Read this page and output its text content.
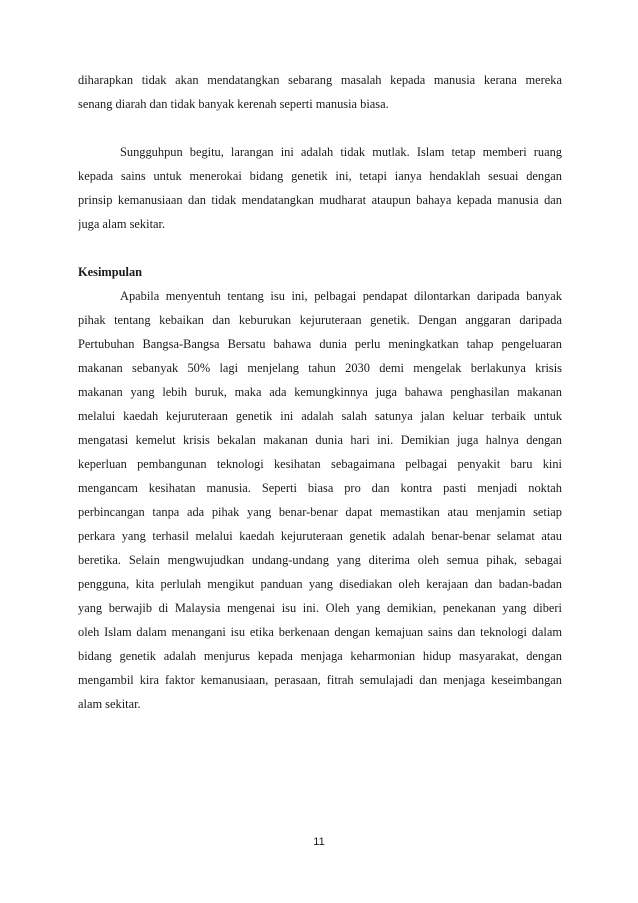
diharapkan tidak akan mendatangkan sebarang masalah kepada manusia kerana mereka
senang diarah dan tidak banyak kerenah seperti manusia biasa.
Sungguhpun begitu, larangan ini adalah tidak mutlak. Islam tetap memberi ruang
kepada sains untuk menerokai bidang genetik ini, tetapi ianya hendaklah sesuai dengan
prinsip kemanusiaan dan tidak mendatangkan mudharat ataupun bahaya kepada manusia dan
juga alam sekitar.
Kesimpulan
Apabila menyentuh tentang isu ini, pelbagai pendapat dilontarkan daripada banyak
pihak tentang kebaikan dan keburukan kejuruteraan genetik. Dengan anggaran daripada
Pertubuhan Bangsa-Bangsa Bersatu bahawa dunia perlu meningkatkan tahap pengeluaran
makanan sebanyak 50% lagi menjelang tahun 2030 demi mengelak berlakunya krisis
makanan yang lebih buruk, maka ada kemungkinnya juga bahawa penghasilan makanan
melalui kaedah kejuruteraan genetik ini adalah salah satunya jalan keluar terbaik untuk
mengatasi kemelut krisis bekalan makanan dunia hari ini. Demikian juga halnya dengan
keperluan pembangunan teknologi kesihatan sebagaimana pelbagai penyakit baru kini
mengancam kesihatan manusia. Seperti biasa pro dan kontra pasti menjadi noktah
perbincangan tanpa ada pihak yang benar-benar dapat memastikan atau menjamin setiap
perkara yang terhasil melalui kaedah kejuruteraan genetik adalah benar-benar selamat atau
beretika. Selain mengwujudkan undang-undang yang diterima oleh semua pihak, sebagai
pengguna, kita perlulah mengikut panduan yang disediakan oleh kerajaan dan badan-badan
yang berwajib di Malaysia mengenai isu ini. Oleh yang demikian, penekanan yang diberi
oleh Islam dalam menangani isu etika berkenaan dengan kemajuan sains dan teknologi dalam
bidang genetik adalah menjurus kepada menjaga keharmonian hidup masyarakat, dengan
mengambil kira faktor kemanusiaan, perasaan, fitrah semulajadi dan menjaga keseimbangan
alam sekitar.
11
